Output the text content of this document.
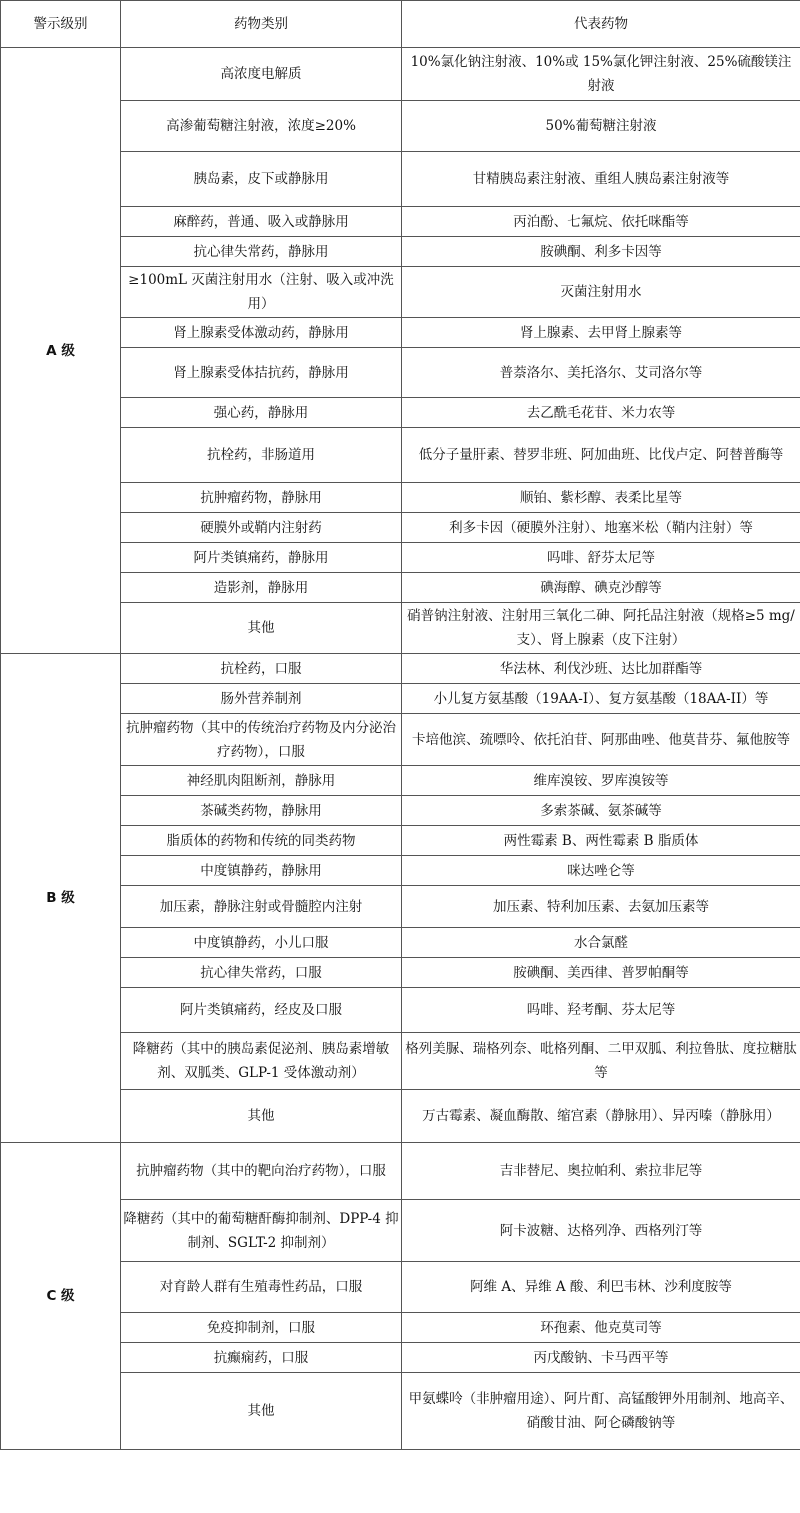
警示级别	药物类别	代表药物
A 级	高浓度电解质	10%氯化钠注射液、10%或 15%氯化钾注射液、25%硫酸镁注射液
	高渗葡萄糖注射液，浓度≥20%	50%葡萄糖注射液
	胰岛素，皮下或静脉用	甘精胰岛素注射液、重组人胰岛素注射液等
	麻醉药，普通、吸入或静脉用	丙泊酚、七氟烷、依托咪酯等
	抗心律失常药，静脉用	胺碘酮、利多卡因等
	≥100mL 灭菌注射用水（注射、吸入或冲洗用）	灭菌注射用水
	肾上腺素受体激动药，静脉用	肾上腺素、去甲肾上腺素等
	肾上腺素受体拮抗药，静脉用	普萘洛尔、美托洛尔、艾司洛尔等
	强心药，静脉用	去乙酰毛花苷、米力农等
	抗栓药，非肠道用	低分子量肝素、替罗非班、阿加曲班、比伐卢定、阿替普酶等
	抗肿瘤药物，静脉用	顺铂、紫杉醇、表柔比星等
	硬膜外或鞘内注射药	利多卡因（硬膜外注射）、地塞米松（鞘内注射）等
	阿片类镇痛药，静脉用	吗啡、舒芬太尼等
	造影剂，静脉用	碘海醇、碘克沙醇等
	其他	硝普钠注射液、注射用三氧化二砷、阿托品注射液（规格≥5 mg/支）、肾上腺素（皮下注射）
B 级	抗栓药，口服	华法林、利伐沙班、达比加群酯等
	肠外营养制剂	小儿复方氨基酸（19AA-I）、复方氨基酸（18AA-II）等
	抗肿瘤药物（其中的传统治疗药物及内分泌治疗药物），口服	卡培他滨、巯嘌呤、依托泊苷、阿那曲唑、他莫昔芬、氟他胺等
	神经肌肉阻断剂，静脉用	维库溴铵、罗库溴铵等
	茶碱类药物，静脉用	多索茶碱、氨茶碱等
	脂质体的药物和传统的同类药物	两性霉素 B、两性霉素 B 脂质体
	中度镇静药，静脉用	咪达唑仑等
	加压素，静脉注射或骨髓腔内注射	加压素、特利加压素、去氨加压素等
	中度镇静药，小儿口服	水合氯醛
	抗心律失常药，口服	胺碘酮、美西律、普罗帕酮等
	阿片类镇痛药，经皮及口服	吗啡、羟考酮、芬太尼等
	降糖药（其中的胰岛素促泌剂、胰岛素增敏剂、双胍类、GLP-1 受体激动剂）	格列美脲、瑞格列奈、吡格列酮、二甲双胍、利拉鲁肽、度拉糖肽等
	其他	万古霉素、凝血酶散、缩宫素（静脉用）、异丙嗪（静脉用）
C 级	抗肿瘤药物（其中的靶向治疗药物），口服	吉非替尼、奥拉帕利、索拉非尼等
	降糖药（其中的葡萄糖酐酶抑制剂、DPP-4 抑制剂、SGLT-2 抑制剂）	阿卡波糖、达格列净、西格列汀等
	对育龄人群有生殖毒性药品，口服	阿维 A、异维 A 酸、利巴韦林、沙利度胺等
	免疫抑制剂，口服	环孢素、他克莫司等
	抗癫痫药，口服	丙戊酸钠、卡马西平等
	其他	甲氨蝶呤（非肿瘤用途）、阿片酊、高锰酸钾外用制剂、地高辛、硝酸甘油、阿仑磷酸钠等
